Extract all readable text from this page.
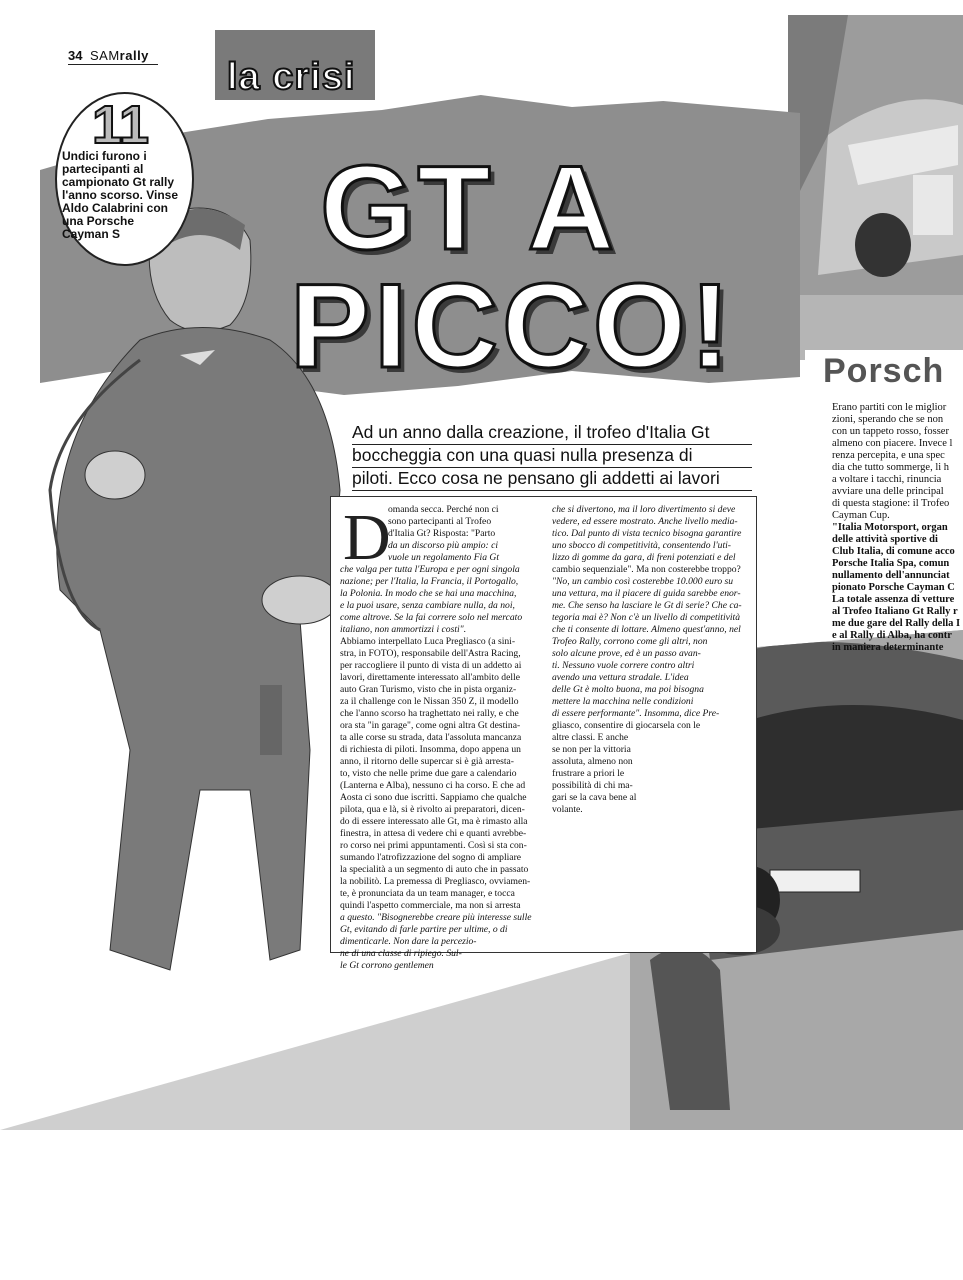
34 SAMrally
Porsch
la crisi
GT A
PICCO!
11
Undici furono i partecipanti al campionato Gt rally l'anno scorso. Vinse Aldo Calabrini con una Porsche Cayman S

Erano partiti con le miglior

zioni, sperando che se non

con un tappeto rosso, fosser

almeno con piacere. Invece l

renza percepita, e una spec

dia che tutto sommerge, li h

a voltare i tacchi, rinuncia

avviare una delle principal

di questa stagione: il Trofeo

Cayman Cup.

"Italia Motorsport, organ

delle attività sportive di

Club Italia, di comune acco

Porsche Italia Spa, comun

nullamento dell'annunciat

pionato Porsche Cayman C

La totale assenza di vetture

al Trofeo Italiano Gt Rally r

me due gare del Rally della I

e al Rally di Alba, ha contr

in maniera determinante

Ad un anno dalla creazione, il trofeo d'Italia Gt
boccheggia con una quasi nulla presenza di
piloti. Ecco cosa ne pensano gli addetti ai lavori
D

omanda secca. Perché non ci

sono partecipanti al Trofeo

d'Italia Gt? Risposta: "Parto

da un discorso più ampio: ci

vuole un regolamento Fia Gt

che valga per tutta l'Europa e per ogni singola

nazione; per l'Italia, la Francia, il Portogallo,

la Polonia. In modo che se hai una macchina,

e la puoi usare, senza cambiare nulla, da noi,

come altrove. Se la fai correre solo nel mercato

italiano, non ammortizzi i costi".

Abbiamo interpellato Luca Pregliasco (a sini-

stra, in FOTO), responsabile dell'Astra Racing,

per raccogliere il punto di vista di un addetto ai

lavori, direttamente interessato all'ambito delle

auto Gran Turismo, visto che in pista organiz-

za il challenge con le Nissan 350 Z, il modello

che l'anno scorso ha traghettato nei rally, e che

ora sta "in garage", come ogni altra Gt destina-

ta alle corse su strada, data l'assoluta mancanza

di richiesta di piloti. Insomma, dopo appena un

anno, il ritorno delle supercar si è già arresta-

to, visto che nelle prime due gare a calendario

(Lanterna e Alba), nessuno ci ha corso. E che ad

Aosta ci sono due iscritti. Sappiamo che qualche

pilota, qua e là, si è rivolto ai preparatori, dicen-

do di essere interessato alle Gt, ma è rimasto alla

finestra, in attesa di vedere chi e quanti avrebbe-

ro corso nei primi appuntamenti. Così si sta con-

sumando l'atrofizzazione del sogno di ampliare

la specialità a un segmento di auto che in passato

la nobilitò. La premessa di Pregliasco, ovviamen-

te, è pronunciata da un team manager, e tocca

quindi l'aspetto commerciale, ma non si arresta

a questo. "Bisognerebbe creare più interesse sulle

Gt, evitando di farle partire per ultime, o di

dimenticarle. Non dare la percezio-

ne di una classe di ripiego. Sul-

le Gt corrono gentlemen

che si divertono, ma il loro divertimento si deve

vedere, ed essere mostrato. Anche livello media-

tico. Dal punto di vista tecnico bisogna garantire

uno sbocco di competitività, consentendo l'uti-

lizzo di gomme da gara, di freni potenziati e del

cambio sequenziale". Ma non costerebbe troppo?

"No, un cambio così costerebbe 10.000 euro su

una vettura, ma il piacere di guida sarebbe enor-

me. Che senso ha lasciare le Gt di serie? Che ca-

tegoria mai è? Non c'è un livello di competitività

che ti consente di lottare. Almeno quest'anno, nel

Trofeo Rally, corrono come gli altri, non

solo alcune prove, ed è un passo avan-

ti. Nessuno vuole correre contro altri

avendo una vettura stradale. L'idea

delle Gt è molto buona, ma poi bisogna

mettere la macchina nelle condizioni

di essere performante". Insomma, dice Pre-

gliasco, consentire di giocarsela con le

altre classi. E anche

se non per la vittoria

assoluta, almeno non

frustrare a priori le

possibilità di chi ma-

gari se la cava bene al

volante.
